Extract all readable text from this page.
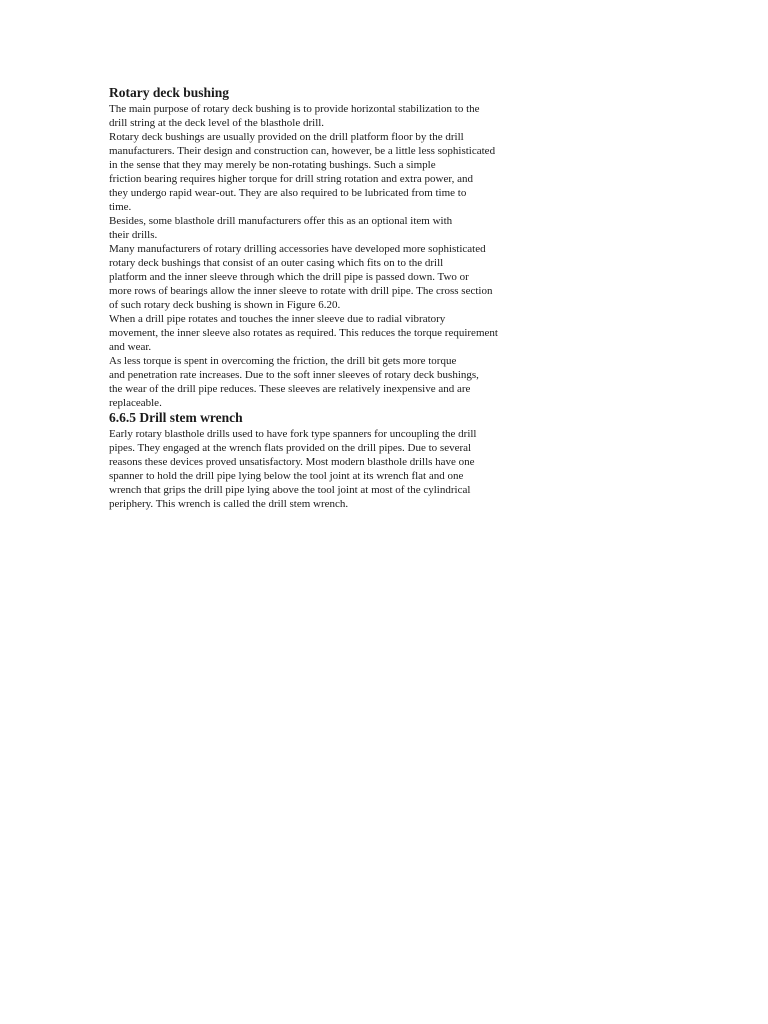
Rotary deck bushing
The main purpose of rotary deck bushing is to provide horizontal stabilization to the
drill string at the deck level of the blasthole drill.
Rotary deck bushings are usually provided on the drill platform floor by the drill
manufacturers. Their design and construction can, however, be a little less sophisticated
in the sense that they may merely be non-rotating bushings. Such a simple
friction bearing requires higher torque for drill string rotation and extra power, and
they undergo rapid wear-out. They are also required to be lubricated from time to
time.
Besides, some blasthole drill manufacturers offer this as an optional item with
their drills.
Many manufacturers of rotary drilling accessories have developed more sophisticated
rotary deck bushings that consist of an outer casing which fits on to the drill
platform and the inner sleeve through which the drill pipe is passed down. Two or
more rows of bearings allow the inner sleeve to rotate with drill pipe. The cross section
of such rotary deck bushing is shown in Figure 6.20.
When a drill pipe rotates and touches the inner sleeve due to radial vibratory
movement, the inner sleeve also rotates as required. This reduces the torque requirement
and wear.
As less torque is spent in overcoming the friction, the drill bit gets more torque
and penetration rate increases. Due to the soft inner sleeves of rotary deck bushings,
the wear of the drill pipe reduces. These sleeves are relatively inexpensive and are
replaceable.
6.6.5 Drill stem wrench
Early rotary blasthole drills used to have fork type spanners for uncoupling the drill
pipes. They engaged at the wrench flats provided on the drill pipes. Due to several
reasons these devices proved unsatisfactory. Most modern blasthole drills have one
spanner to hold the drill pipe lying below the tool joint at its wrench flat and one
wrench that grips the drill pipe lying above the tool joint at most of the cylindrical
periphery. This wrench is called the drill stem wrench.
